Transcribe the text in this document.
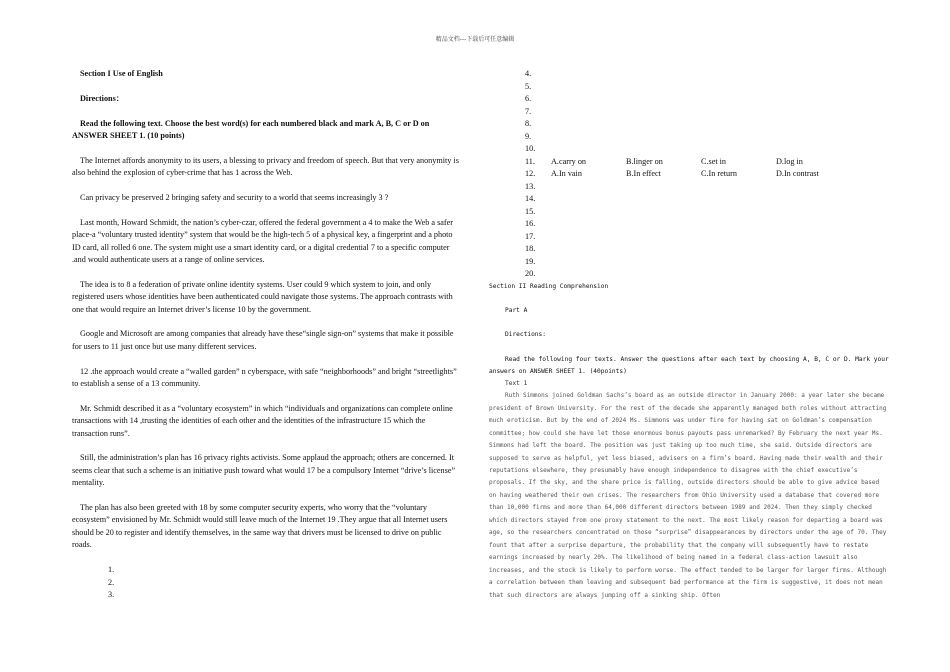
精品文档---下载后可任意编辑
Section I Use of English
Directions：
Read the following text. Choose the best word(s) for each numbered black and mark A, B, C or D on ANSWER SHEET 1. (10 points)
The Internet affords anonymity to its users, a blessing to privacy and freedom of speech. But that very anonymity is also behind the explosion of cyber-crime that has 1 across the Web.
Can privacy be preserved 2 bringing safety and security to a world that seems increasingly 3 ?
Last month, Howard Schmidt, the nation’s cyber-czar, offered the federal government a 4 to make the Web a safer place-a “voluntary trusted identity” system that would be the high-tech 5 of a physical key, a fingerprint and a photo ID card, all rolled 6 one. The system might use a smart identity card, or a digital credential 7 to a specific computer .and would authenticate users at a range of online services.
The idea is to 8 a federation of private online identity systems. User could 9 which system to join, and only registered users whose identities have been authenticated could navigate those systems. The approach contrasts with one that would require an Internet driver’s license 10 by the government.
Google and Microsoft are among companies that already have these“single sign-on” systems that make it possible for users to 11 just once but use many different services.
12 .the approach would create a “walled garden” n cyberspace, with safe “neighborhoods” and bright “streetlights” to establish a sense of a 13 community.
Mr. Schmidt described it as a “voluntary ecosystem” in which “individuals and organizations can complete online transactions with 14 ,trusting the identities of each other and the identities of the infrastructure 15 which the transaction runs”.
Still, the administration’s plan has 16 privacy rights activists. Some applaud the approach; others are concerned. It seems clear that such a scheme is an initiative push toward what would 17 be a compulsory Internet “drive’s license” mentality.
The plan has also been greeted with 18 by some computer security experts, who worry that the “voluntary ecosystem” envisioned by Mr. Schmidt would still leave much of the Internet 19 .They argue that all Internet users should be 20 to register and identify themselves, in the same way that drivers must be licensed to drive on public roads.
1.
2.
3.
4.
5.
6.
7.
8.
9.
10.
11. A.carry on	B.linger on	C.set in	D.log in
12. A.In vain	B.In effect	C.In return	D.In contrast
13.
14.
15.
16.
17.
18.
19.
20.
Section II Reading Comprehension
Part A
Directions:
Read the following four texts. Answer the questions after each text by choosing A, B, C or D. Mark your answers on ANSWER SHEET 1. (40points)
Text 1
Ruth Simmons joined Goldman Sachs’s board as an outside director in January 2000: a year later she became president of Brown University. For the rest of the decade she apparently managed both roles without attracting much eroticism. But by the end of 2024 Ms. Simmons was under fire for having sat on Goldman’s compensation committee; how could she have let those enormous bonus payouts pass unremarked? By February the next year Ms. Simmons had left the board. The position was just taking up too much time, she said. Outside directors are supposed to serve as helpful, yet less biased, advisers on a firm’s board. Having made their wealth and their reputations elsewhere, they presumably have enough independence to disagree with the chief executive’s proposals. If the sky, and the share price is falling, outside directors should be able to give advice based on having weathered their own crises. The researchers from Ohio University used a database that covered more than 10,000 firms and more than 64,000 different directors between 1989 and 2024. Then they simply checked which directors stayed from one proxy statement to the next. The most likely reason for departing a board was age, so the researchers concentrated on those “surprise” disappearances by directors under the age of 70. They fount that after a surprise departure, the probability that the company will subsequently have to restate earnings increased by nearly 20%. The likelihood of being named in a federal class-action lawsuit also increases, and the stock is likely to perform worse. The effect tended to be larger for larger firms. Although a correlation between them leaving and subsequent bad performance at the firm is suggestive, it does not mean that such directors are always jumping off a sinking ship. Often
